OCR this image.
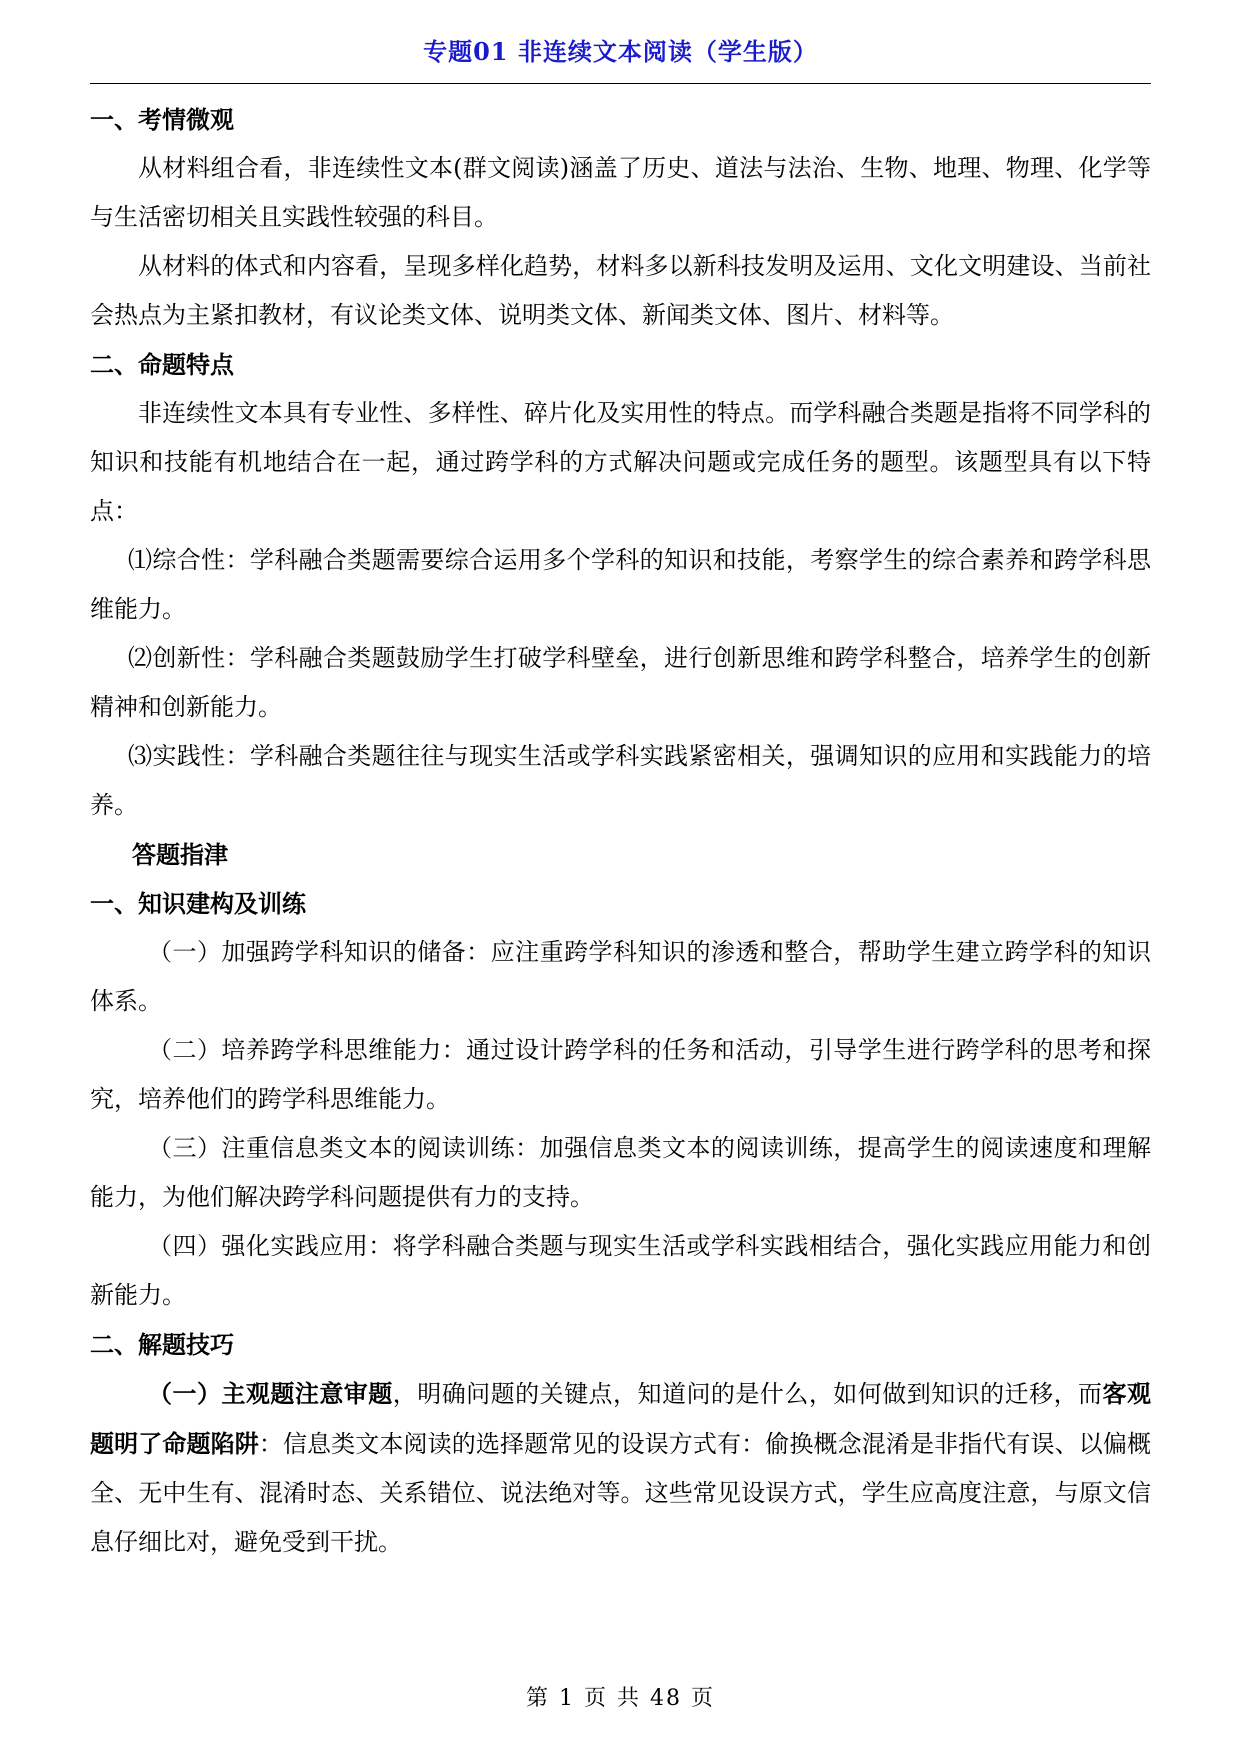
专题01 非连续文本阅读（学生版）

一、考情微观

从材料组合看，非连续性文本(群文阅读)涵盖了历史、道法与法治、生物、地理、物理、化学等与生活密切相关且实践性较强的科目。

从材料的体式和内容看，呈现多样化趋势，材料多以新科技发明及运用、文化文明建设、当前社会热点为主紧扣教材，有议论类文体、说明类文体、新闻类文体、图片、材料等。

二、命题特点

非连续性文本具有专业性、多样性、碎片化及实用性的特点。而学科融合类题是指将不同学科的知识和技能有机地结合在一起，通过跨学科的方式解决问题或完成任务的题型。该题型具有以下特点：

⑴综合性：学科融合类题需要综合运用多个学科的知识和技能，考察学生的综合素养和跨学科思维能力。

⑵创新性：学科融合类题鼓励学生打破学科壁垒，进行创新思维和跨学科整合，培养学生的创新精神和创新能力。

⑶实践性：学科融合类题往往与现实生活或学科实践紧密相关，强调知识的应用和实践能力的培养。

答题指津

一、知识建构及训练

（一）加强跨学科知识的储备：应注重跨学科知识的渗透和整合，帮助学生建立跨学科的知识体系。

（二）培养跨学科思维能力：通过设计跨学科的任务和活动，引导学生进行跨学科的思考和探究，培养他们的跨学科思维能力。

（三）注重信息类文本的阅读训练：加强信息类文本的阅读训练，提高学生的阅读速度和理解能力，为他们解决跨学科问题提供有力的支持。

（四）强化实践应用：将学科融合类题与现实生活或学科实践相结合，强化实践应用能力和创新能力。

二、解题技巧

（一）主观题注意审题，明确问题的关键点，知道问的是什么，如何做到知识的迁移，而客观题明了命题陷阱：信息类文本阅读的选择题常见的设误方式有：偷换概念混淆是非指代有误、以偏概全、无中生有、混淆时态、关系错位、说法绝对等。这些常见设误方式，学生应高度注意，与原文信息仔细比对，避免受到干扰。

第 1 页 共 48 页
